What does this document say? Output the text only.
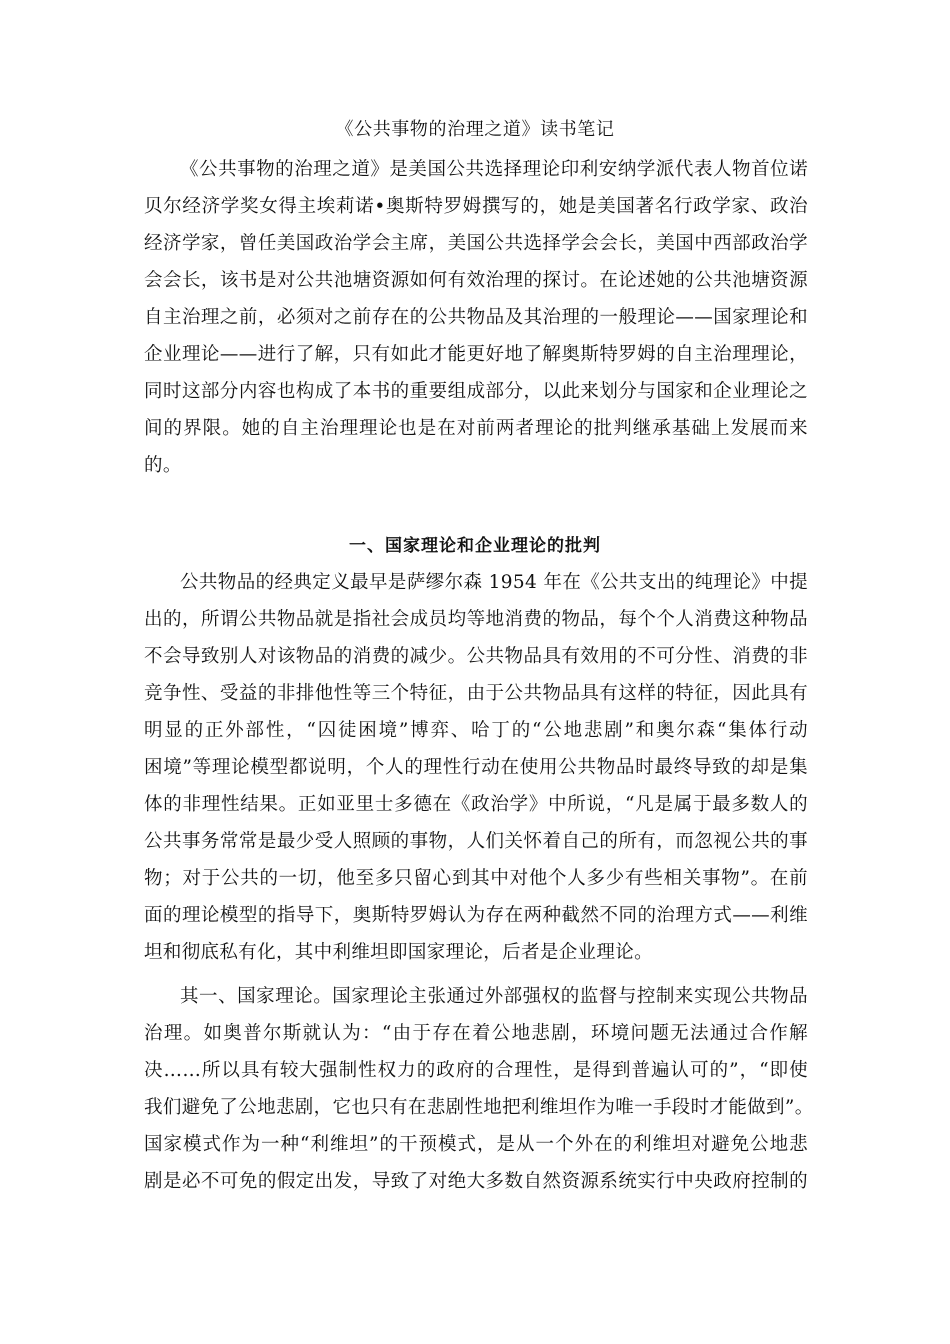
《公共事物的治理之道》读书笔记
《公共事物的治理之道》是美国公共选择理论印利安纳学派代表人物首位诺
贝尔经济学奖女得主埃莉诺•奥斯特罗姆撰写的，她是美国著名行政学家、政治
经济学家，曾任美国政治学会主席，美国公共选择学会会长，美国中西部政治学
会会长，该书是对公共池塘资源如何有效治理的探讨。在论述她的公共池塘资源
自主治理之前，必须对之前存在的公共物品及其治理的一般理论——国家理论和
企业理论——进行了解，只有如此才能更好地了解奥斯特罗姆的自主治理理论，
同时这部分内容也构成了本书的重要组成部分，以此来划分与国家和企业理论之
间的界限。她的自主治理理论也是在对前两者理论的批判继承基础上发展而来
的。
一、国家理论和企业理论的批判
公共物品的经典定义最早是萨缪尔森 1954 年在《公共支出的纯理论》中提
出的，所谓公共物品就是指社会成员均等地消费的物品，每个个人消费这种物品
不会导致别人对该物品的消费的减少。公共物品具有效用的不可分性、消费的非
竞争性、受益的非排他性等三个特征，由于公共物品具有这样的特征，因此具有
明显的正外部性，“囚徒困境”博弈、哈丁的“公地悲剧”和奥尔森“集体行动
困境”等理论模型都说明，个人的理性行动在使用公共物品时最终导致的却是集
体的非理性结果。正如亚里士多德在《政治学》中所说，“凡是属于最多数人的
公共事务常常是最少受人照顾的事物，人们关怀着自己的所有，而忽视公共的事
物；对于公共的一切，他至多只留心到其中对他个人多少有些相关事物”。在前
面的理论模型的指导下，奥斯特罗姆认为存在两种截然不同的治理方式——利维
坦和彻底私有化，其中利维坦即国家理论，后者是企业理论。
其一、国家理论。国家理论主张通过外部强权的监督与控制来实现公共物品
治理。如奥普尔斯就认为：“由于存在着公地悲剧，环境问题无法通过合作解
决……所以具有较大强制性权力的政府的合理性，是得到普遍认可的”，“即使
我们避免了公地悲剧，它也只有在悲剧性地把利维坦作为唯一手段时才能做到”。
国家模式作为一种“利维坦”的干预模式，是从一个外在的利维坦对避免公地悲
剧是必不可免的假定出发，导致了对绝大多数自然资源系统实行中央政府控制的
